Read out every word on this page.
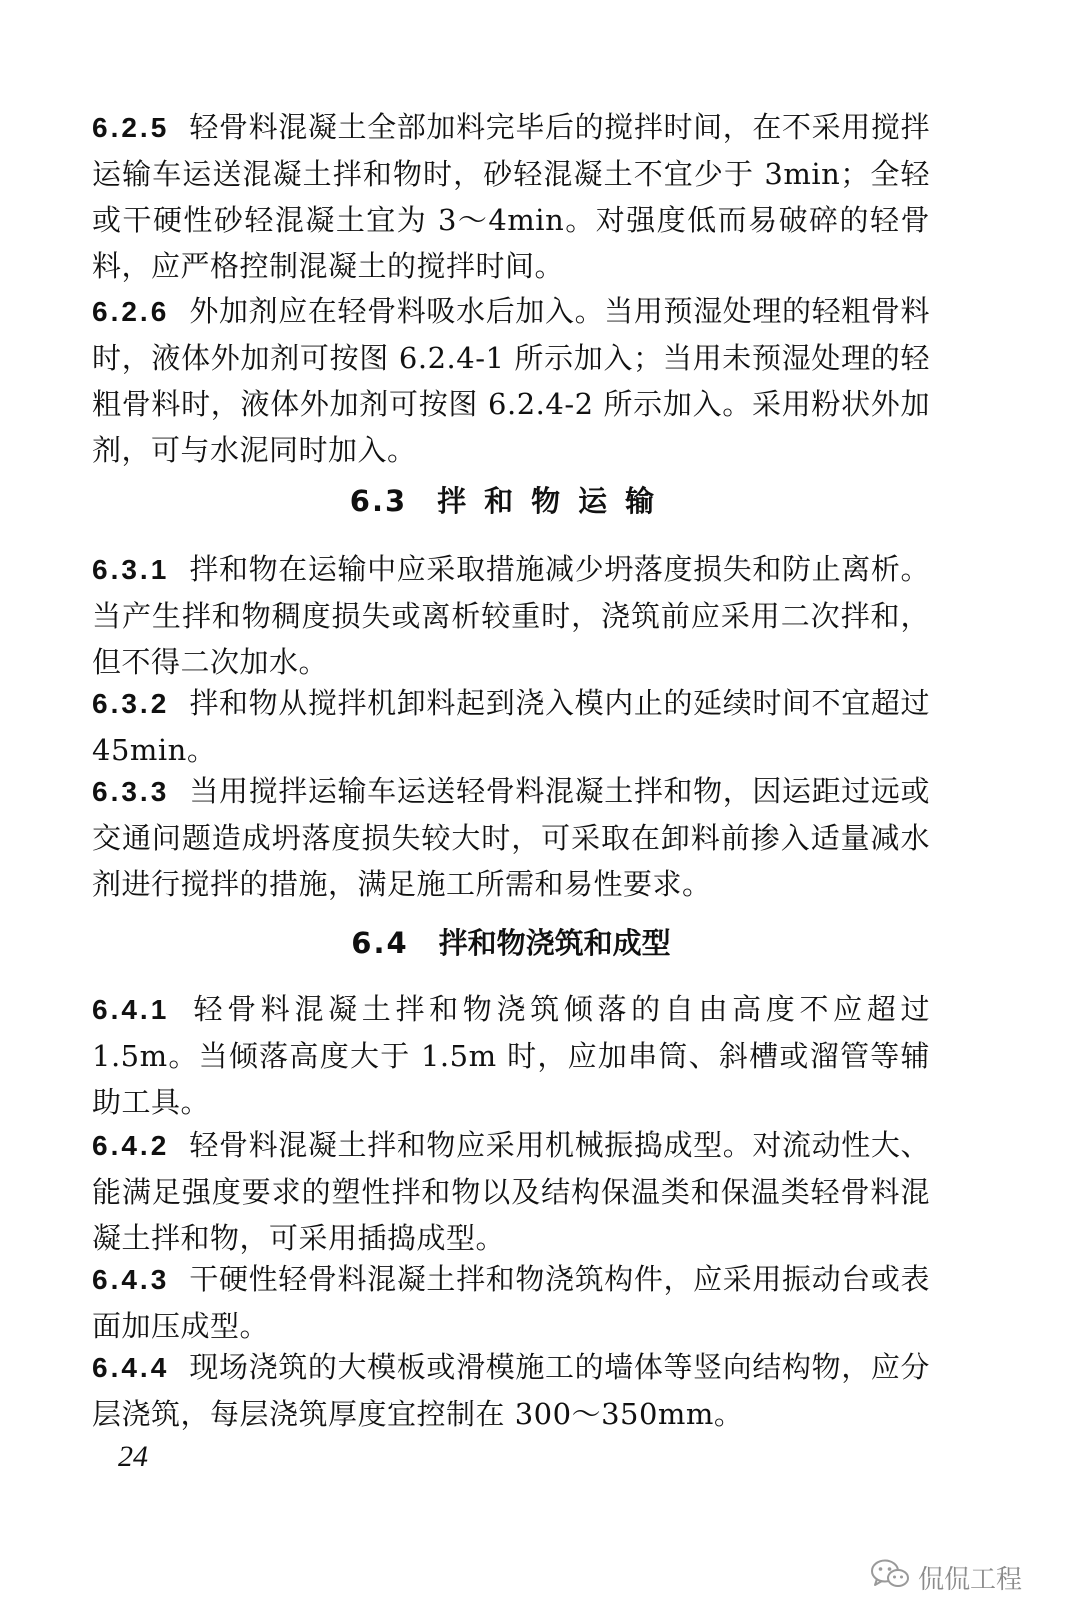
6.2.5 轻骨料混凝土全部加料完毕后的搅拌时间，在不采用搅拌运输车运送混凝土拌和物时，砂轻混凝土不宜少于 3min；全轻或干硬性砂轻混凝土宜为 3～4min。对强度低而易破碎的轻骨料，应严格控制混凝土的搅拌时间。
6.2.6 外加剂应在轻骨料吸水后加入。当用预湿处理的轻粗骨料时，液体外加剂可按图 6.2.4-1 所示加入；当用未预湿处理的轻粗骨料时，液体外加剂可按图 6.2.4-2 所示加入。采用粉状外加剂，可与水泥同时加入。
6.3 拌和物运输
6.3.1 拌和物在运输中应采取措施减少坍落度损失和防止离析。当产生拌和物稠度损失或离析较重时，浇筑前应采用二次拌和，但不得二次加水。
6.3.2 拌和物从搅拌机卸料起到浇入模内止的延续时间不宜超过 45min。
6.3.3 当用搅拌运输车运送轻骨料混凝土拌和物，因运距过远或交通问题造成坍落度损失较大时，可采取在卸料前掺入适量减水剂进行搅拌的措施，满足施工所需和易性要求。
6.4 拌和物浇筑和成型
6.4.1 轻骨料混凝土拌和物浇筑倾落的自由高度不应超过 1.5m。当倾落高度大于 1.5m 时，应加串筒、斜槽或溜管等辅助工具。
6.4.2 轻骨料混凝土拌和物应采用机械振捣成型。对流动性大、能满足强度要求的塑性拌和物以及结构保温类和保温类轻骨料混凝土拌和物，可采用插捣成型。
6.4.3 干硬性轻骨料混凝土拌和物浇筑构件，应采用振动台或表面加压成型。
6.4.4 现场浇筑的大模板或滑模施工的墙体等竖向结构物，应分层浇筑，每层浇筑厚度宜控制在 300～350mm。
24
侃侃工程
